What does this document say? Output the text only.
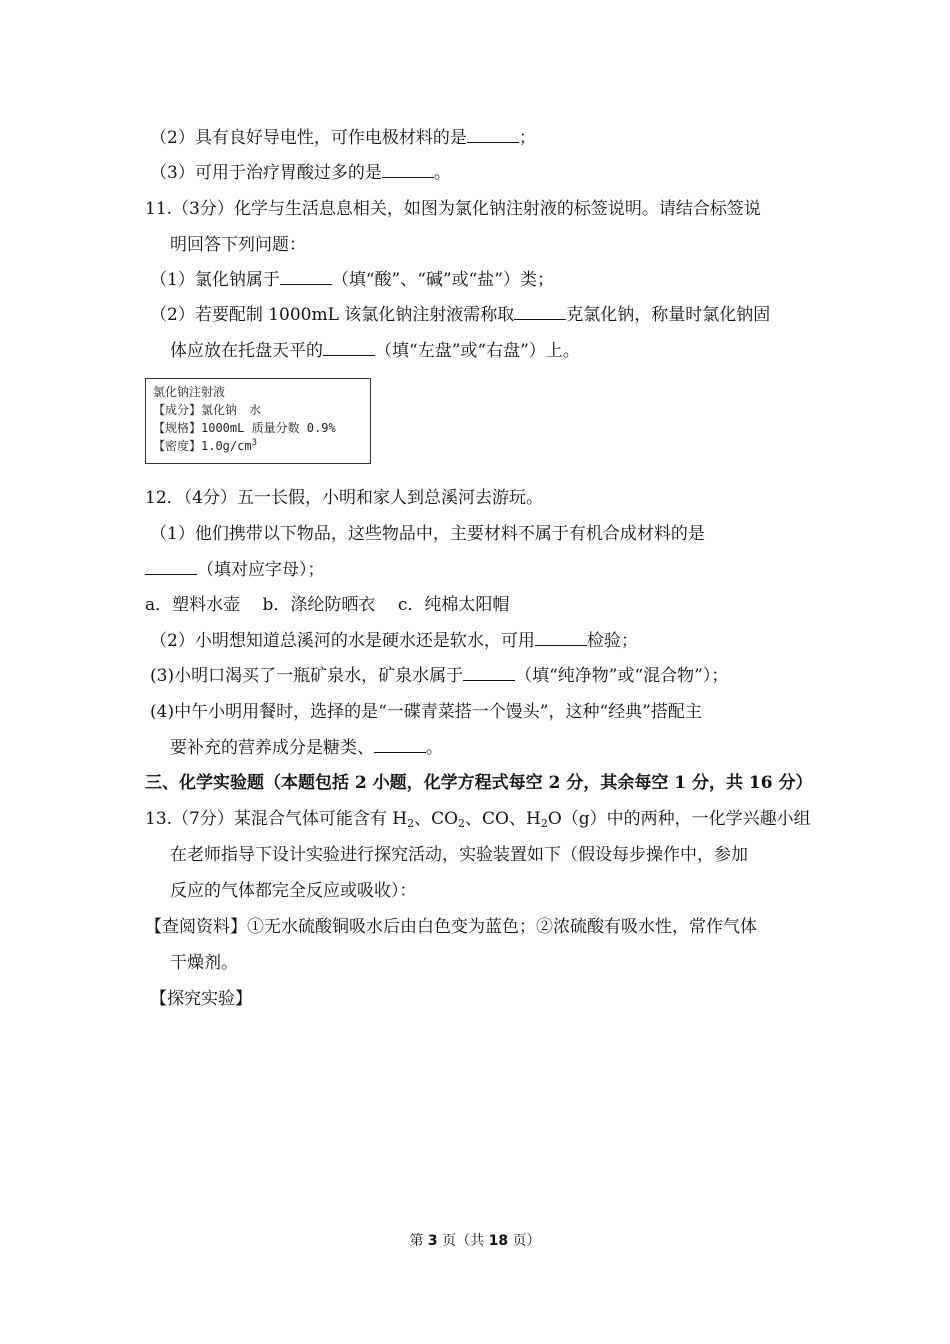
（2）具有良好导电性，可作电极材料的是	；
（3）可用于治疗胃酸过多的是	。
11.（3分）化学与生活息息相关，如图为氯化钠注射液的标签说明。请结合标签说
明回答下列问题：
（1）氯化钠属于	（填“酸”、“碱”或“盐”）类；
（2）若要配制 1000mL 该氯化钠注射液需称取	克氯化钠，称量时氯化钠固
体应放在托盘天平的	（填“左盘”或“右盘”）上。
氯化钠注射液
【成分】氯化钠　水
【规格】1000mL 质量分数 0.9%
【密度】$1.0g/cm^3$
12．（4分）五一长假，小明和家人到总溪河去游玩。
（1）他们携带以下物品，这些物品中，主要材料不属于有机合成材料的是
（填对应字母）；
a．塑料水壶　 b．涤纶防晒衣　 c．纯棉太阳帽
（2）小明想知道总溪河的水是硬水还是软水，可用	检验；
(3)小明口渴买了一瓶矿泉水，矿泉水属于	（填“纯净物”或“混合物”）；
(4)中午小明用餐时，选择的是“一碟青菜搭一个馒头”，这种“经典”搭配主
要补充的营养成分是糖类、	。
三、化学实验题（本题包括 2 小题，化学方程式每空 2 分，其余每空 1 分，共 16 分）
13.（7分）某混合气体可能含有 $H_2$、$CO_2$、CO、$H_2O(g)$中的两种，一化学兴趣小组
在老师指导下设计实验进行探究活动，实验装置如下（假设每步操作中，参加
反应的气体都完全反应或吸收）：
【查阅资料】①无水硫酸铜吸水后由白色变为蓝色；②浓硫酸有吸水性，常作气体
干燥剂。
【探究实验】
第 3 页（共 18 页）
